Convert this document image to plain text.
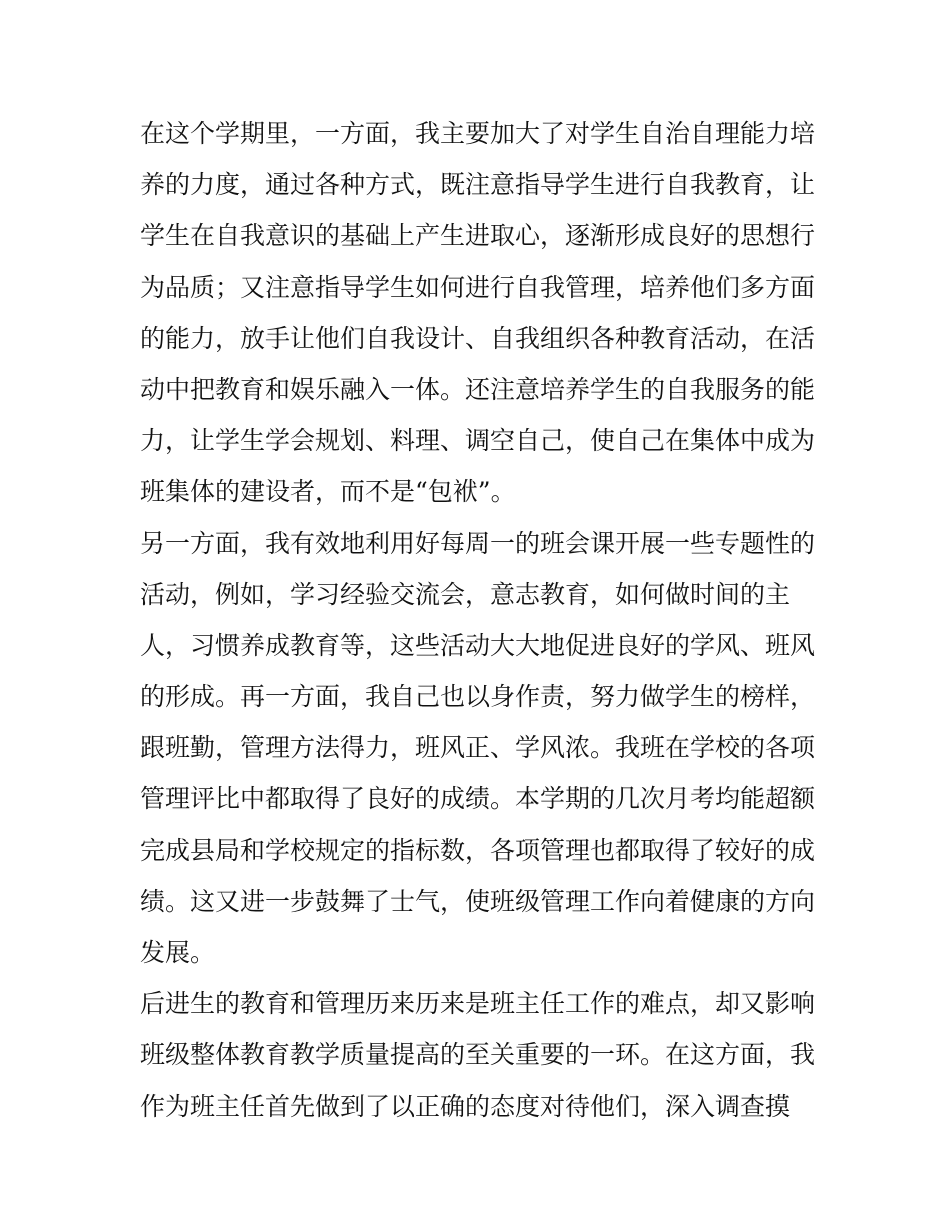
在这个学期里，一方面，我主要加大了对学生自治自理能力培
养的力度，通过各种方式，既注意指导学生进行自我教育，让
学生在自我意识的基础上产生进取心，逐渐形成良好的思想行
为品质；又注意指导学生如何进行自我管理，培养他们多方面
的能力，放手让他们自我设计、自我组织各种教育活动，在活
动中把教育和娱乐融入一体。还注意培养学生的自我服务的能
力，让学生学会规划、料理、调空自己，使自己在集体中成为
班集体的建设者，而不是“包袱”。
另一方面，我有效地利用好每周一的班会课开展一些专题性的
活动，例如，学习经验交流会，意志教育，如何做时间的主
人，习惯养成教育等，这些活动大大地促进良好的学风、班风
的形成。再一方面，我自己也以身作责，努力做学生的榜样，
跟班勤，管理方法得力，班风正、学风浓。我班在学校的各项
管理评比中都取得了良好的成绩。本学期的几次月考均能超额
完成县局和学校规定的指标数，各项管理也都取得了较好的成
绩。这又进一步鼓舞了士气，使班级管理工作向着健康的方向
发展。
后进生的教育和管理历来历来是班主任工作的难点，却又影响
班级整体教育教学质量提高的至关重要的一环。在这方面，我
作为班主任首先做到了以正确的态度对待他们，深入调查摸
